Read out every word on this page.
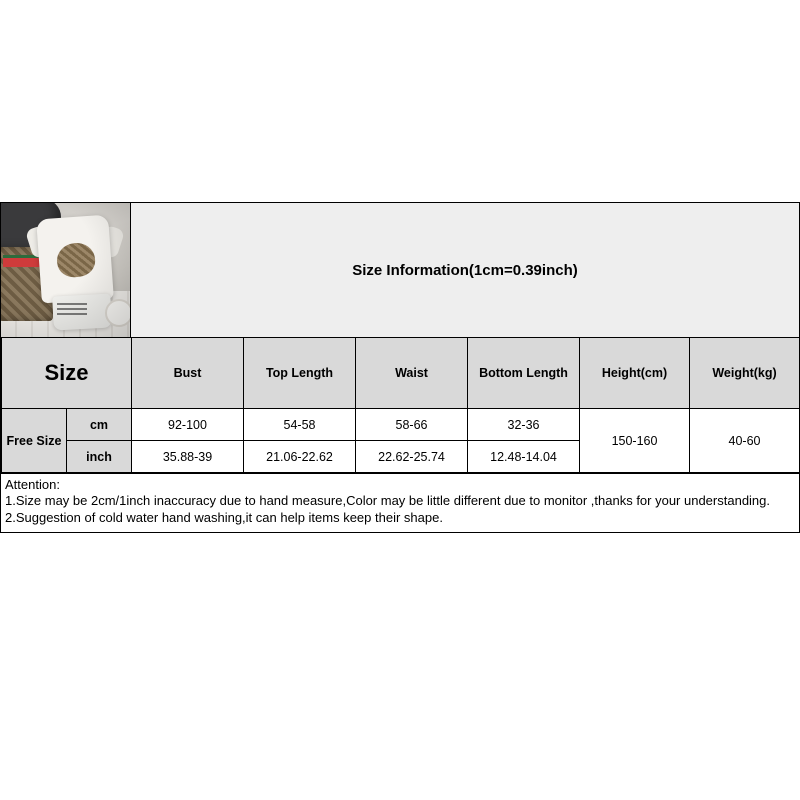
Size Information(1cm=0.39inch)
Size		Bust	Top Length	Waist	Bottom Length	Height(cm)	Weight(kg)
Free Size	cm	92-100	54-58	58-66	32-36	150-160	40-60
	inch	35.88-39	21.06-22.62	22.62-25.74	12.48-14.04		
Attention:
1.Size may be 2cm/1inch inaccuracy due to hand measure,Color may be little different due to monitor ,thanks for your understanding.
2.Suggestion of cold water hand washing,it can help items keep their shape.
